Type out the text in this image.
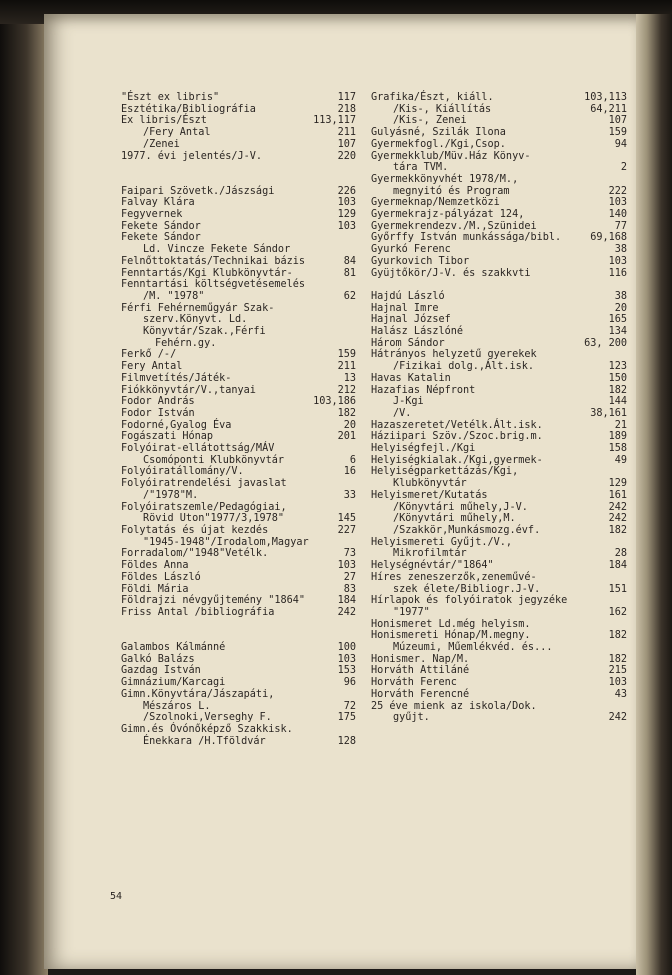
"Észt ex libris"	117
Esztétika/Bibliográfia	218
Ex libris/Észt	113,117
/Fery Antal	211
/Zenei	107
1977. évi jelentés/J-V.	220
Faipari Szövetk./Jászsági	226
Falvay Klára	103
Fegyvernek	129
Fekete Sándor	103
Fekete Sándor
Ld. Vincze Fekete Sándor
Felnőttoktatás/Technikai bázis	84
Fenntartás/Kgi Klubkönyvtár-	81
Fenntartási költségvetésemelés
/M. "1978"	62
Férfi Fehérneműgyár Szak-
szerv.Könyvt. Ld.
Könyvtár/Szak.,Férfi
Fehérn.gy.
Ferkő /-/	159
Fery Antal	211
Filmvetítés/Játék-	13
Fiókkönyvtár/V.,tanyai	212
Fodor András	103,186
Fodor István	182
Fodorné,Gyalog Éva	20
Fogászati Hónap	201
Folyóirat-ellátottság/MÁV
Csomóponti Klubkönyvtár	6
Folyóiratállomány/V.	16
Folyóiratrendelési javaslat
/"1978"M.	33
Folyóiratszemle/Pedagógiai,
Rövid Uton"1977/3,1978"	145
Folytatás és újat kezdés	227
"1945-1948"/Irodalom,Magyar
Forradalom/"1948"Vetélk.	73
Földes Anna	103
Földes László	27
Földi Mária	83
Földrajzi névgyűjtemény "1864"	184
Friss Antal /bibliográfia	242
Galambos Kálmánné	100
Galkó Balázs	103
Gazdag István	153
Gimnázium/Karcagi	96
Gimn.Könyvtára/Jászapáti,
Mészáros L.	72
/Szolnoki,Verseghy F.	175
Gimn.és Óvónőképző Szakkisk.
Énekkara /H.Tföldvár	128
Grafika/Észt, kiáll.	103,113
/Kis-, Kiállítás	64,211
/Kis-, Zenei	107
Gulyásné, Szilák Ilona	159
Gyermekfogl./Kgi,Csop.	94
Gyermekklub/Müv.Ház Könyv-
tára TVM.	2
Gyermekkönyvhét 1978/M.,
megnyitó és Program	222
Gyermeknap/Nemzetközi	103
Gyermekrajz-pályázat 124,	140
Gyermekrendezv./M.,Szünidei	77
Győrffy István munkássága/bibl.	69,168
Gyurkó Ferenc	38
Gyurkovich Tibor	103
Gyüjtőkör/J-V. és szakkvti	116
Hajdú László	38
Hajnal Imre	20
Hajnal József	165
Halász Lászlóné	134
Három Sándor	63, 200
Hátrányos helyzetű gyerekek
/Fizikai dolg.,Ált.isk.	123
Havas Katalin	150
Hazafias Népfront	182
J-Kgi	144
/V.	38,161
Hazaszeretet/Vetélk.Ált.isk.	21
Háziipari Szöv./Szoc.brig.m.	189
Helyiségfejl./Kgi	158
Helyiségkialak./Kgi,gyermek-	49
Helyiségparkettázás/Kgi,
Klubkönyvtár	129
Helyismeret/Kutatás	161
/Könyvtári műhely,J-V.	242
/Könyvtári műhely,M.	242
/Szakkör,Munkásmozg.évf.	182
Helyismereti Gyűjt./V.,
Mikrofilmtár	28
Helységnévtár/"1864"	184
Híres zeneszerzők,zeneművé-
szek élete/Bibliogr.J-V.	151
Hírlapok és folyóiratok jegyzéke
"1977"	162
Honismeret Ld.még helyism.
Honismereti Hónap/M.megny.	182
Múzeumi, Műemlékvéd. és...
Honismer. Nap/M.	182
Horváth Attiláné	215
Horváth Ferenc	103
Horváth Ferencné	43
25 éve mienk az iskola/Dok.
gyűjt.	242
54
